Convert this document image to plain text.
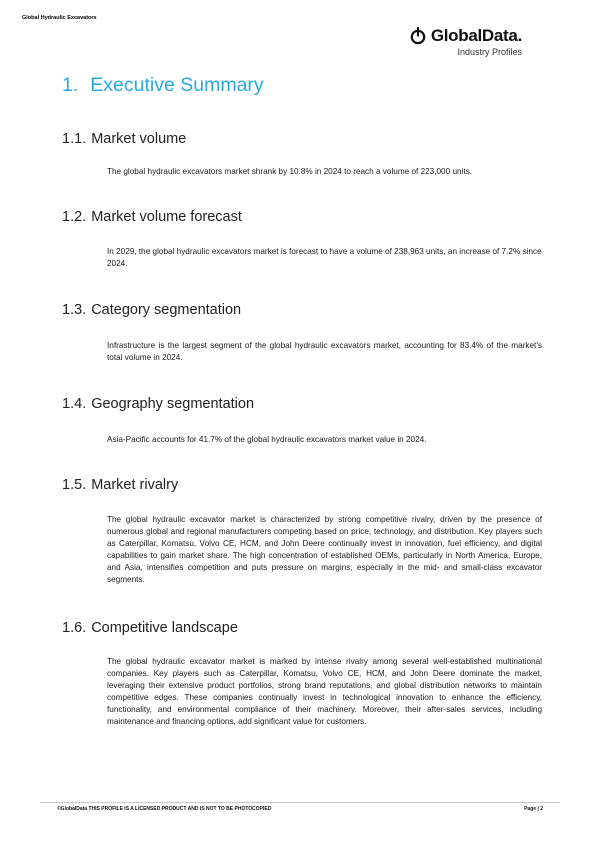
Global Hydraulic Excavators
GlobalData.
Industry Profiles
1. Executive Summary
1.1. Market volume

The global hydraulic excavators market shrank by 10.8% in 2024 to reach a volume of 223,000 units.

1.2. Market volume forecast

In 2029, the global hydraulic excavators market is forecast to have a volume of 238,963 units, an increase of 7.2% since 2024.

1.3. Category segmentation

Infrastructure is the largest segment of the global hydraulic excavators market, accounting for 83.4% of the market's total volume in 2024.

1.4. Geography segmentation

Asia-Pacific accounts for 41.7% of the global hydraulic excavators market value in 2024.

1.5. Market rivalry

The global hydraulic excavator market is characterized by strong competitive rivalry, driven by the presence of numerous global and regional manufacturers competing based on price, technology, and distribution. Key players such as Caterpillar, Komatsu, Volvo CE, HCM, and John Deere continually invest in innovation, fuel efficiency, and digital capabilities to gain market share. The high concentration of established OEMs, particularly in North America, Europe, and Asia, intensifies competition and puts pressure on margins, especially in the mid- and small-class excavator segments.

1.6. Competitive landscape

The global hydraulic excavator market is marked by intense rivalry among several well-established multinational companies. Key players such as Caterpillar, Komatsu, Volvo CE, HCM, and John Deere dominate the market, leveraging their extensive product portfolios, strong brand reputations, and global distribution networks to maintain competitive edges. These companies continually invest in technological innovation to enhance the efficiency, functionality, and environmental compliance of their machinery. Moreover, their after-sales services, including maintenance and financing options, add significant value for customers.

©GlobalData THIS PROFILE IS A LICENSED PRODUCT AND IS NOT TO BE PHOTOCOPIED	Page | 2
